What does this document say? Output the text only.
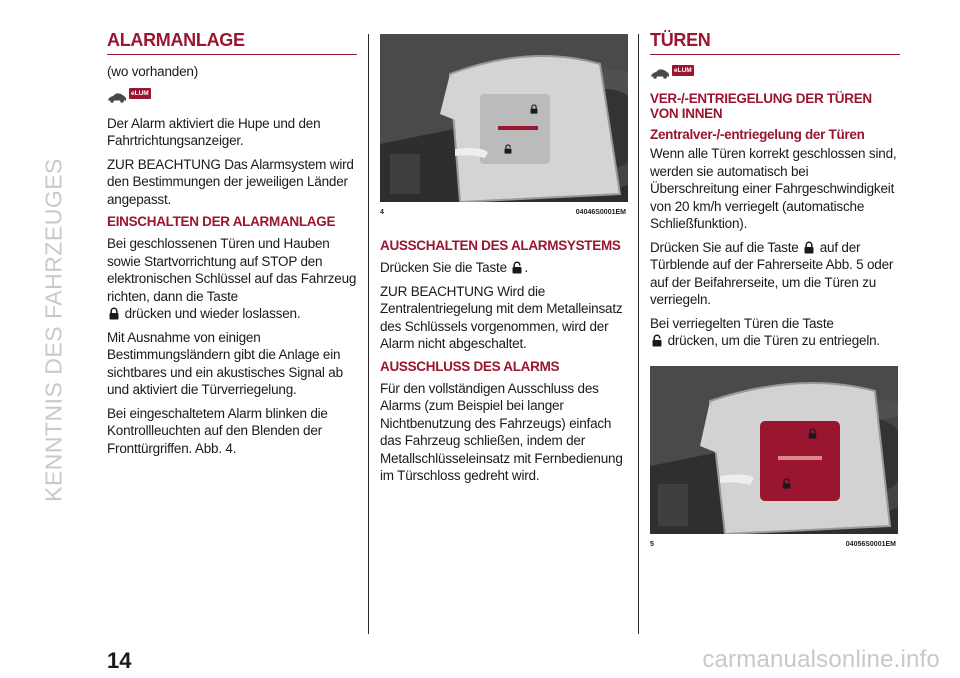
KENNTNIS DES FAHRZEUGES
ALARMANLAGE

(wo vorhanden)

eLUM

Der Alarm aktiviert die Hupe und den Fahrtrichtungsanzeiger.

ZUR BEACHTUNG Das Alarmsystem wird den Bestimmungen der jeweiligen Länder angepasst.

EINSCHALTEN DER ALARMANLAGE

Bei geschlossenen Türen und Hauben sowie Startvorrichtung auf STOP den elektronischen Schlüssel auf das Fahrzeug richten, dann die Taste
drücken und wieder loslassen.

Mit Ausnahme von einigen Bestimmungsländern gibt die Anlage ein sichtbares und ein akustisches Signal ab und aktiviert die Türverriegelung.

Bei eingeschaltetem Alarm blinken die Kontrollleuchten auf den Blenden der Fronttürgriffen. Abb. 4.

4	04046S0001EM
AUSSCHALTEN DES ALARMSYSTEMS

Drücken Sie die Taste .

ZUR BEACHTUNG Wird die Zentralentriegelung mit dem Metalleinsatz des Schlüssels vorgenommen, wird der Alarm nicht abgeschaltet.

AUSSCHLUSS DES ALARMS

Für den vollständigen Ausschluss des Alarms (zum Beispiel bei langer Nichtbenutzung des Fahrzeugs) einfach das Fahrzeug schließen, indem der Metallschlüsseleinsatz mit Fernbedienung im Türschloss gedreht wird.

TÜREN
eLUM
VER-/-ENTRIEGELUNG DER TÜREN VON INNEN
Zentralver-/-entriegelung der Türen

Wenn alle Türen korrekt geschlossen sind, werden sie automatisch bei Überschreitung einer Fahrgeschwindigkeit von 20 km/h verriegelt (automatische Schließfunktion).

Drücken Sie auf die Taste auf der Türblende auf der Fahrerseite Abb. 5 oder auf der Beifahrerseite, um die Türen zu verriegeln.

Bei verriegelten Türen die Taste
drücken, um die Türen zu entriegeln.

5	04056S0001EM
14	carmanualsonline.info
